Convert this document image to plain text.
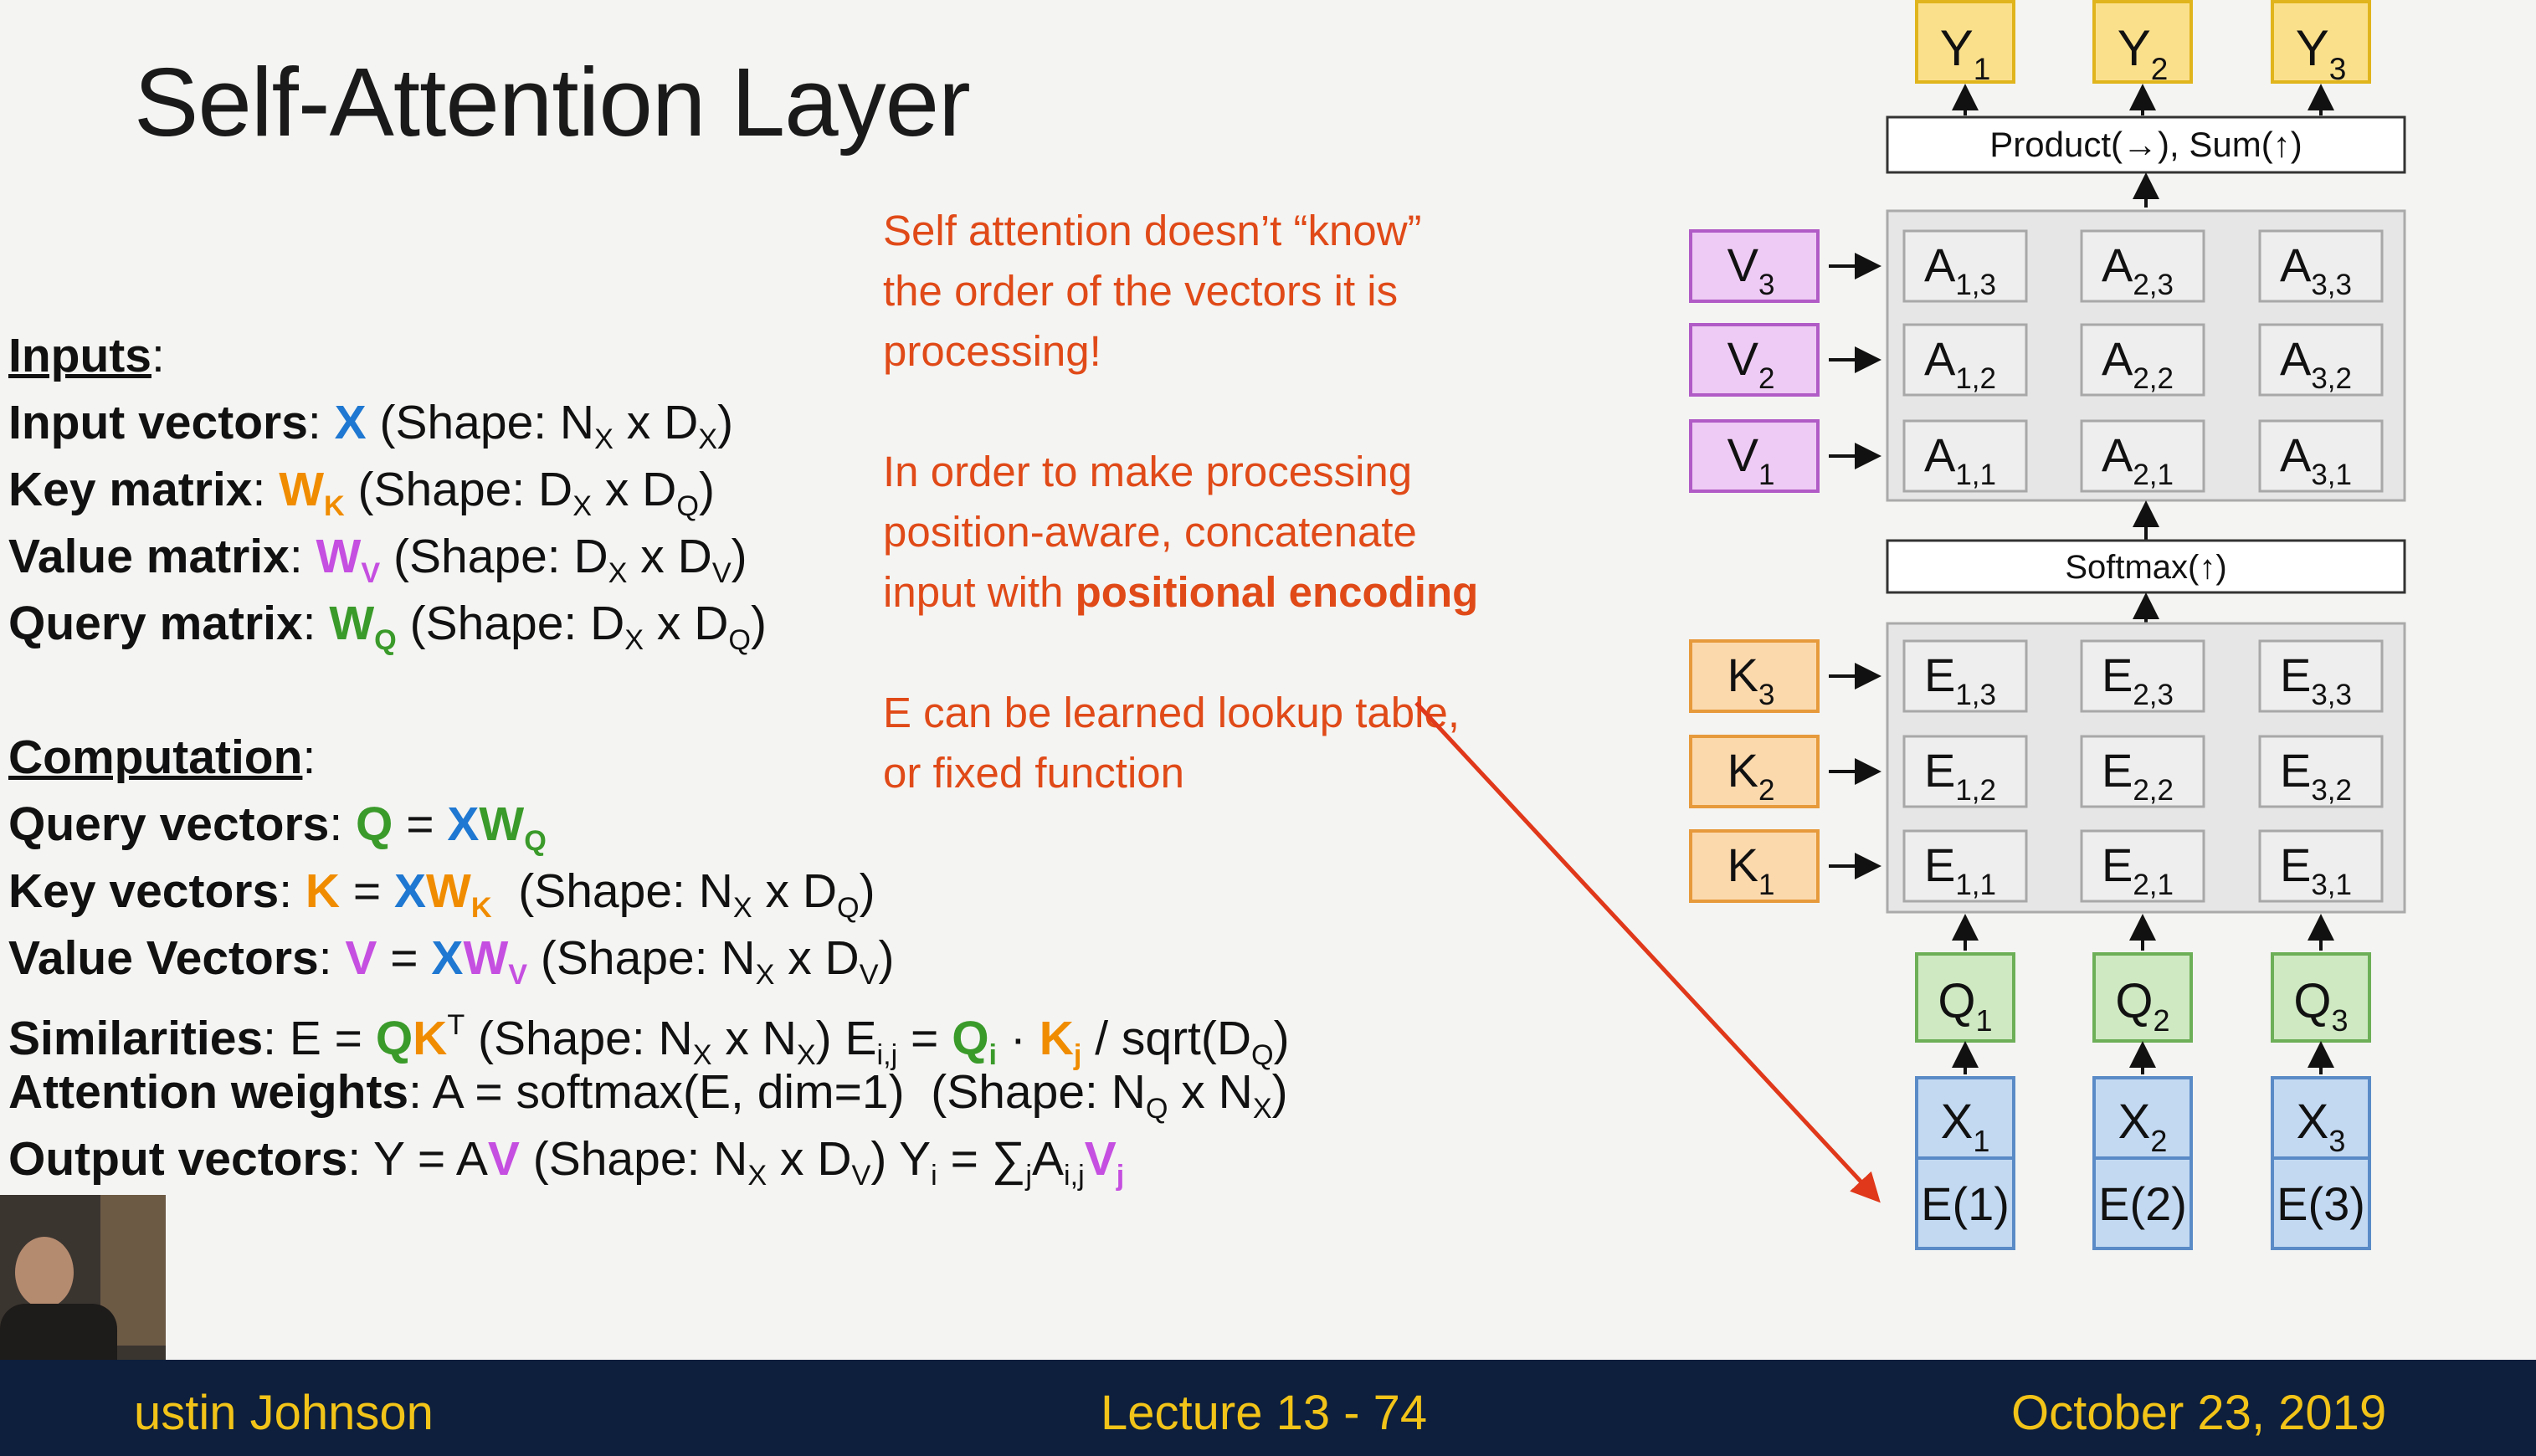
Self-Attention Layer
Inputs:
Input vectors: X (Shape: $N_X$ x $D_X$)
Key matrix: $W_K$ (Shape: $D_X$ x $D_Q$)
Value matrix: $W_V$ (Shape: $D_X$ x $D_V$)
Query matrix: $W_Q$ (Shape: $D_X$ x $D_Q$)
Computation:
Query vectors: $Q = XW_Q$
Key vectors: $K = XW_K$  (Shape: $N_X$ x $D_Q$)
Value Vectors: $V = XW_V$ (Shape: $N_X$ x $D_V$)
Similarities: $E = QK^T$ (Shape: $N_X$ x $N_X$) $E_{i,j} = Q_i \cdot K_j$ / $sqrt(D_Q)$
Attention weights: A = softmax(E, dim=1)  (Shape: $N_Q$ x $N_X$)
Output vectors: Y = AV (Shape: $N_X$ x $D_V$) $Y_i = \sum_jA_{i,j}V_j$
Self attention doesn’t “know” the order of the vectors it is processing!
In order to make processing position-aware, concatenate input with positional encoding
E can be learned lookup table, or fixed function
$Y_1$	$Y_2$	$Y_3$
Product(→), Sum(↑)
$A_{1,3}$ $A_{2,3}$ $A_{3,3}$
$V_3$
$A_{1,2}$ $A_{2,2}$ $A_{3,2}$
$V_2$
$A_{1,1}$ $A_{2,1}$ $A_{3,1}$
$V_1$
Softmax(↑)
$E_{1,3}$ $E_{2,3}$ $E_{3,3}$
$K_3$
$E_{1,2}$ $E_{2,2}$ $E_{3,2}$
$K_2$
$E_{1,1}$ $E_{2,1}$ $E_{3,1}$
$K_1$
$Q_1$
$X_1$
E(1)
$Q_2$
$X_2$
E(2)
$Q_3$
$X_3$
E(3)
ustin Johnson	Lecture 13 - 74	October 23, 2019
